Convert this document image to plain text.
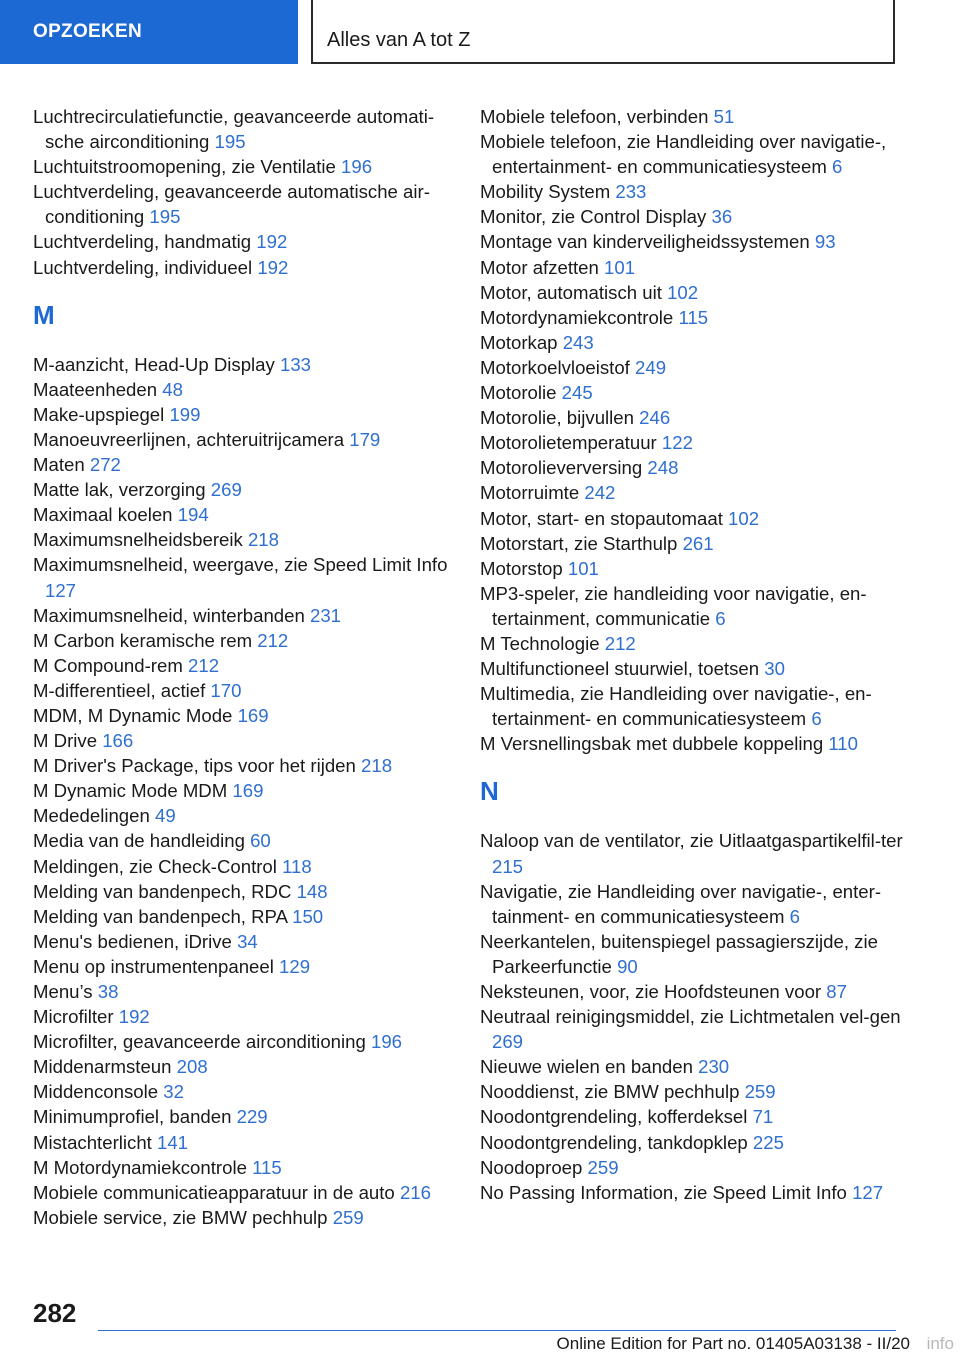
OPZOEKEN	Alles van A tot Z
Luchtrecirculatiefunctie, geavanceerde automati-sche airconditioning 195
Luchtuitstroomopening, zie Ventilatie 196
Luchtverdeling, geavanceerde automatische air-conditioning 195
Luchtverdeling, handmatig 192
Luchtverdeling, individueel 192
M
M-aanzicht, Head-Up Display 133
Maateenheden 48
Make-upspiegel 199
Manoeuvreerlijnen, achteruitrijcamera 179
Maten 272
Matte lak, verzorging 269
Maximaal koelen 194
Maximumsnelheidsbereik 218
Maximumsnelheid, weergave, zie Speed Limit Info 127
Maximumsnelheid, winterbanden 231
M Carbon keramische rem 212
M Compound-rem 212
M-differentieel, actief 170
MDM, M Dynamic Mode 169
M Drive 166
M Driver's Package, tips voor het rijden 218
M Dynamic Mode MDM 169
Mededelingen 49
Media van de handleiding 60
Meldingen, zie Check-Control 118
Melding van bandenpech, RDC 148
Melding van bandenpech, RPA 150
Menu's bedienen, iDrive 34
Menu op instrumentenpaneel 129
Menu’s 38
Microfilter 192
Microfilter, geavanceerde airconditioning 196
Middenarmsteun 208
Middenconsole 32
Minimumprofiel, banden 229
Mistachterlicht 141
M Motordynamiekcontrole 115
Mobiele communicatieapparatuur in de auto 216
Mobiele service, zie BMW pechhulp 259
Mobiele telefoon, verbinden 51
Mobiele telefoon, zie Handleiding over navigatie-, entertainment- en communicatiesysteem 6
Mobility System 233
Monitor, zie Control Display 36
Montage van kinderveiligheidssystemen 93
Motor afzetten 101
Motor, automatisch uit 102
Motordynamiekcontrole 115
Motorkap 243
Motorkoelvloeistof 249
Motorolie 245
Motorolie, bijvullen 246
Motorolietemperatuur 122
Motorolieverversing 248
Motorruimte 242
Motor, start- en stopautomaat 102
Motorstart, zie Starthulp 261
Motorstop 101
MP3-speler, zie handleiding voor navigatie, en-tertainment, communicatie 6
M Technologie 212
Multifunctioneel stuurwiel, toetsen 30
Multimedia, zie Handleiding over navigatie-, en-tertainment- en communicatiesysteem 6
M Versnellingsbak met dubbele koppeling 110
N
Naloop van de ventilator, zie Uitlaatgaspartikelfil-ter 215
Navigatie, zie Handleiding over navigatie-, enter-tainment- en communicatiesysteem 6
Neerkantelen, buitenspiegel passagierszijde, zie Parkeerfunctie 90
Neksteunen, voor, zie Hoofdsteunen voor 87
Neutraal reinigingsmiddel, zie Lichtmetalen vel-gen 269
Nieuwe wielen en banden 230
Nooddienst, zie BMW pechhulp 259
Noodontgrendeling, kofferdeksel 71
Noodontgrendeling, tankdopklep 225
Noodoproep 259
No Passing Information, zie Speed Limit Info 127
282
Online Edition for Part no. 01405A03138 - II/20 info
